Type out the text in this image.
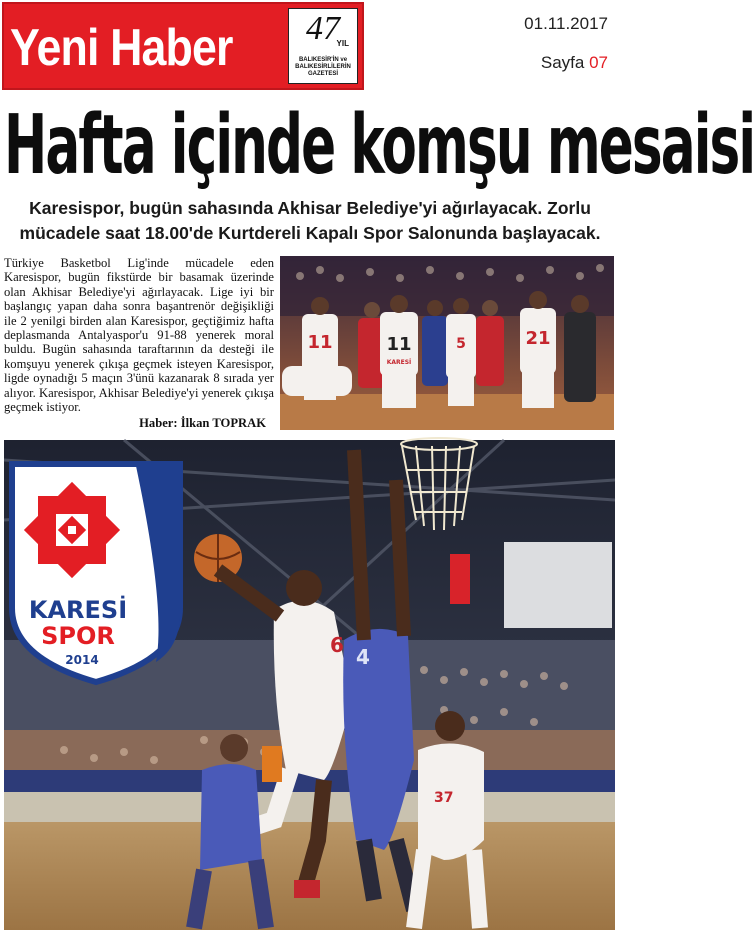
Yeni Haber	47
YIL
BALIKESİR'İN ve BALIKESİRLİLERİN GAZETESİ
01.11.2017
Sayfa 07
Hafta içinde komşu mesaisi

Karesispor, bugün sahasında Akhisar Belediye'yi ağırlayacak. Zorlu mücadele saat 18.00'de Kurtdereli Kapalı Spor Salonunda başlayacak.

Türkiye Basketbol Lig'inde mücadele eden Karesispor, bugün fikstürde bir basamak üzerinde olan Akhisar Belediye'yi ağırlayacak. Lige iyi bir başlangıç yapan daha sonra başantrenör değişikliği ile 2 yenilgi birden alan Karesispor, geçtiğimiz hafta deplasmanda Antalyaspor'u 91-88 yenerek moral buldu. Bugün sahasında taraftarının da desteği ile komşuyu yenerek çıkışa geçmek isteyen Karesispor, ligde oynadığı 5 maçın 3'ünü kazanarak 8 sırada yer alıyor. Karesispor, Akhisar Belediye'yi yenerek çıkışa geçmek istiyor.

Haber: İlkan TOPRAK
11	11
KARESİ
5	21
6 4
37
KARESİ
SPOR
2014
